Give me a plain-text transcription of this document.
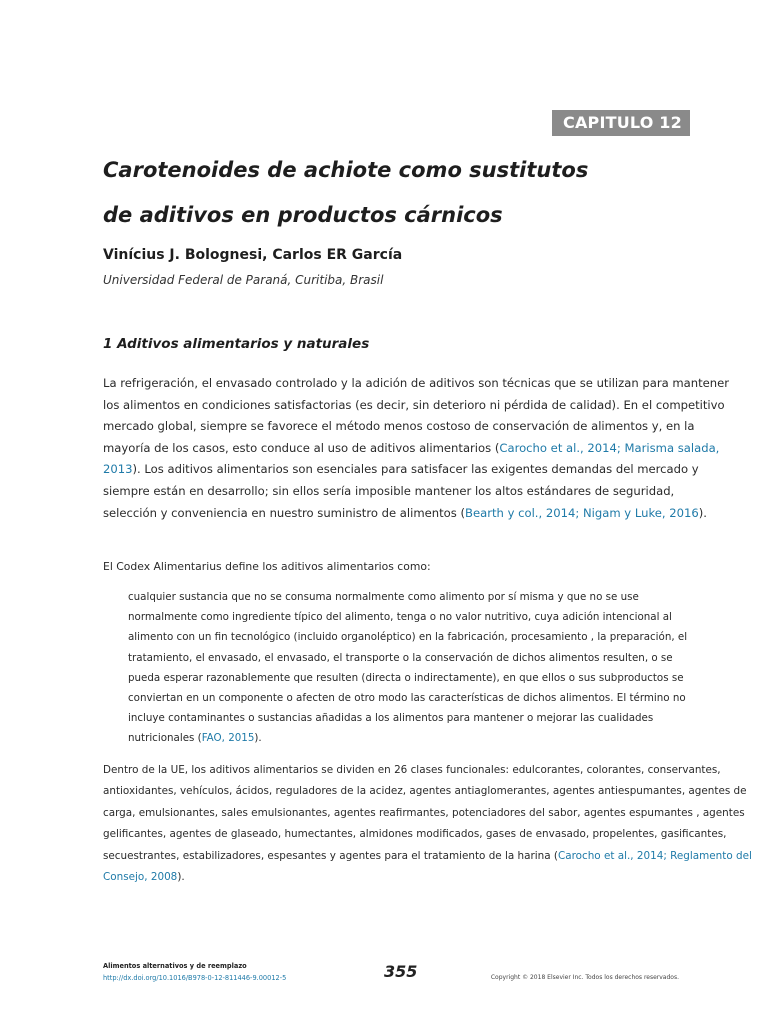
CAPITULO 12
Carotenoides de achiote como sustitutos
de aditivos en productos cárnicos
Vinícius J. Bolognesi, Carlos ER García
Universidad Federal de Paraná, Curitiba, Brasil
1 Aditivos alimentarios y naturales

La refrigeración, el envasado controlado y la adición de aditivos son técnicas que se utilizan para mantener
los alimentos en condiciones satisfactorias (es decir, sin deterioro ni pérdida de calidad). En el competitivo
mercado global, siempre se favorece el método menos costoso de conservación de alimentos y, en la
mayoría de los casos, esto conduce al uso de aditivos alimentarios (Carocho et al., 2014; Marisma salada,
2013). Los aditivos alimentarios son esenciales para satisfacer las exigentes demandas del mercado y
siempre están en desarrollo; sin ellos sería imposible mantener los altos estándares de seguridad,
selección y conveniencia en nuestro suministro de alimentos (Bearth y col., 2014; Nigam y Luke, 2016).

El Codex Alimentarius define los aditivos alimentarios como:

cualquier sustancia que no se consuma normalmente como alimento por sí misma y que no se use
normalmente como ingrediente típico del alimento, tenga o no valor nutritivo, cuya adición intencional al
alimento con un fin tecnológico (incluido organoléptico) en la fabricación, procesamiento , la preparación, el
tratamiento, el envasado, el envasado, el transporte o la conservación de dichos alimentos resulten, o se
pueda esperar razonablemente que resulten (directa o indirectamente), en que ellos o sus subproductos se
conviertan en un componente o afecten de otro modo las características de dichos alimentos. El término no
incluye contaminantes o sustancias añadidas a los alimentos para mantener o mejorar las cualidades
nutricionales (FAO, 2015).

Dentro de la UE, los aditivos alimentarios se dividen en 26 clases funcionales: edulcorantes, colorantes, conservantes,
antioxidantes, vehículos, ácidos, reguladores de la acidez, agentes antiaglomerantes, agentes antiespumantes, agentes de
carga, emulsionantes, sales emulsionantes, agentes reafirmantes, potenciadores del sabor, agentes espumantes , agentes
gelificantes, agentes de glaseado, humectantes, almidones modificados, gases de envasado, propelentes, gasificantes,
secuestrantes, estabilizadores, espesantes y agentes para el tratamiento de la harina (Carocho et al., 2014; Reglamento del
Consejo, 2008).

Alimentos alternativos y de reemplazo
http://dx.doi.org/10.1016/B978-0-12-811446-9.00012-5	355	Copyright © 2018 Elsevier Inc. Todos los derechos reservados.
